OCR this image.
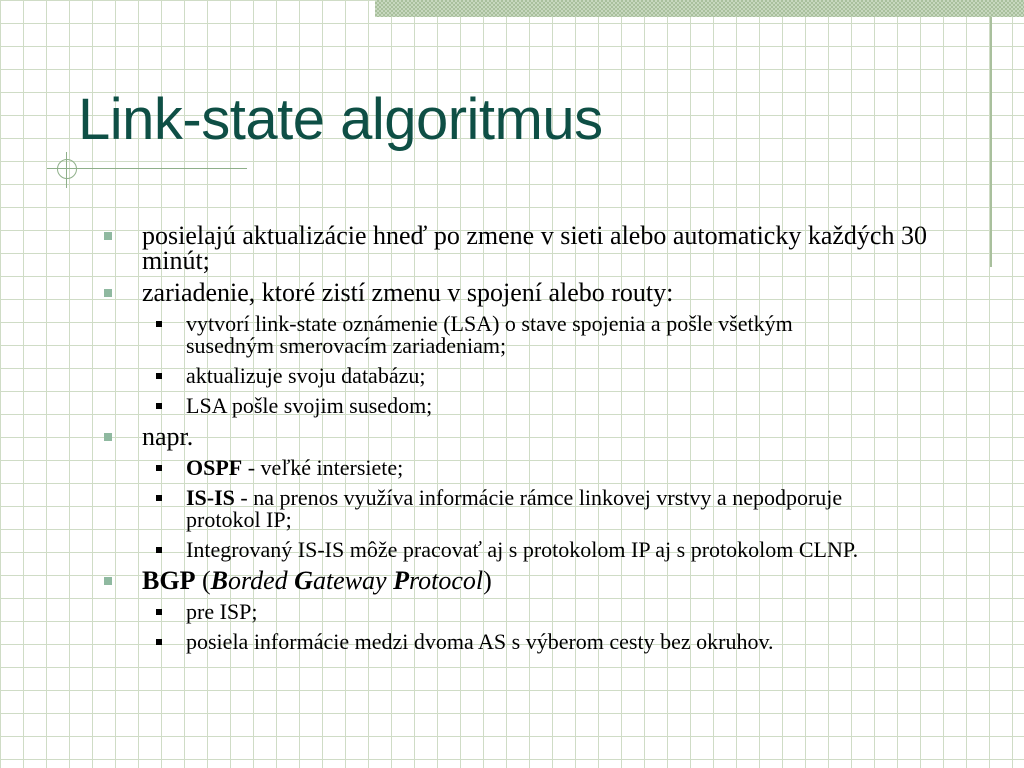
Link-state algoritmus
posielajú aktualizácie hneď po zmene v sieti alebo automaticky každých 30 minút;
zariadenie, ktoré zistí zmenu v spojení alebo routy:
vytvorí link-state oznámenie (LSA) o stave spojenia a pošle všetkým susedným smerovacím zariadeniam;
aktualizuje svoju databázu;
LSA pošle svojim susedom;
napr.
OSPF - veľké intersiete;
IS-IS - na prenos využíva informácie rámce linkovej vrstvy a nepodporuje protokol IP;
Integrovaný IS-IS môže pracovať aj s protokolom IP aj s protokolom CLNP.
BGP (Borded Gateway Protocol)
pre ISP;
posiela informácie medzi dvoma AS s výberom cesty bez okruhov.
